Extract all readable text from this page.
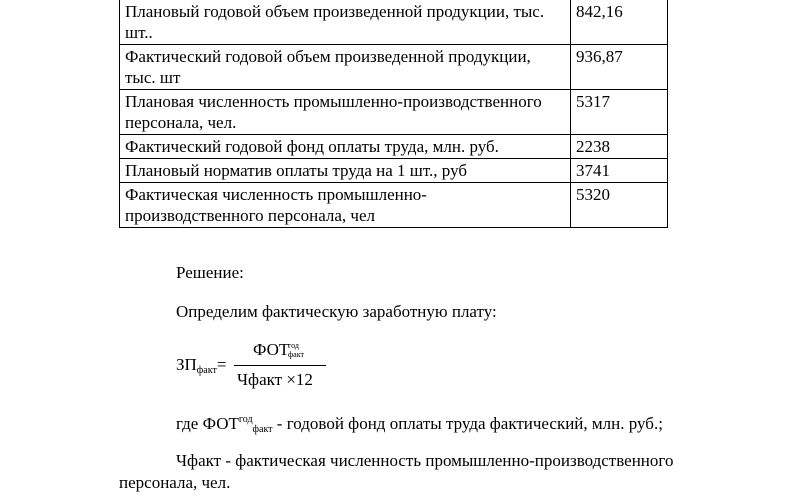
Плановый годовой объем произведенной продукции, тыс. шт..	842,16
Фактический годовой объем произведенной продукции, тыс. шт	936,87
Плановая численность промышленно-производственного персонала, чел.	5317
Фактический годовой фонд оплаты труда, млн. руб.	2238
Плановый норматив оплаты труда на 1 шт., руб	3741
Фактическая численность промышленно-производственного персонала, чел	5320

Решение:

Определим фактическую заработную плату:

$ЗП_{факт}=$
ФОТ
год
факт
Чфакт ×12

где $ФОТ^{год}_{факт}$ - годовой фонд оплаты труда фактический, млн. руб.;

Чфакт - фактическая численность промышленно-производственного

персонала, чел.
